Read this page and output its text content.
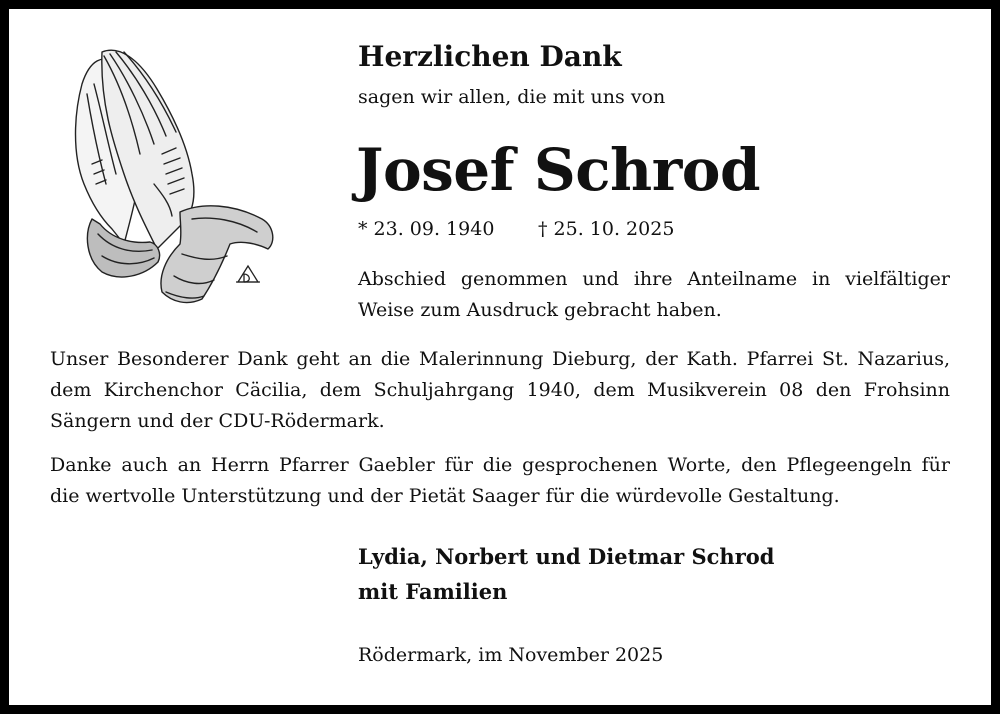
Herzlichen Dank
sagen wir allen, die mit uns von
Josef Schrod
* 23. 09. 1940 † 25. 10. 2025

Abschied genommen und ihre Anteilname in vielfältiger
Weise zum Ausdruck gebracht haben.

Unser Besonderer Dank geht an die Malerinnung Dieburg, der Kath. Pfarrei St. Nazarius,
dem Kirchenchor Cäcilia, dem Schuljahrgang 1940, dem Musikverein 08 den Frohsinn
Sängern und der CDU-Rödermark.

Danke auch an Herrn Pfarrer Gaebler für die gesprochenen Worte, den Pflegeengeln für
die wertvolle Unterstützung und der Pietät Saager für die würdevolle Gestaltung.

Lydia, Norbert und Dietmar Schrod
mit Familien
Rödermark, im November 2025
